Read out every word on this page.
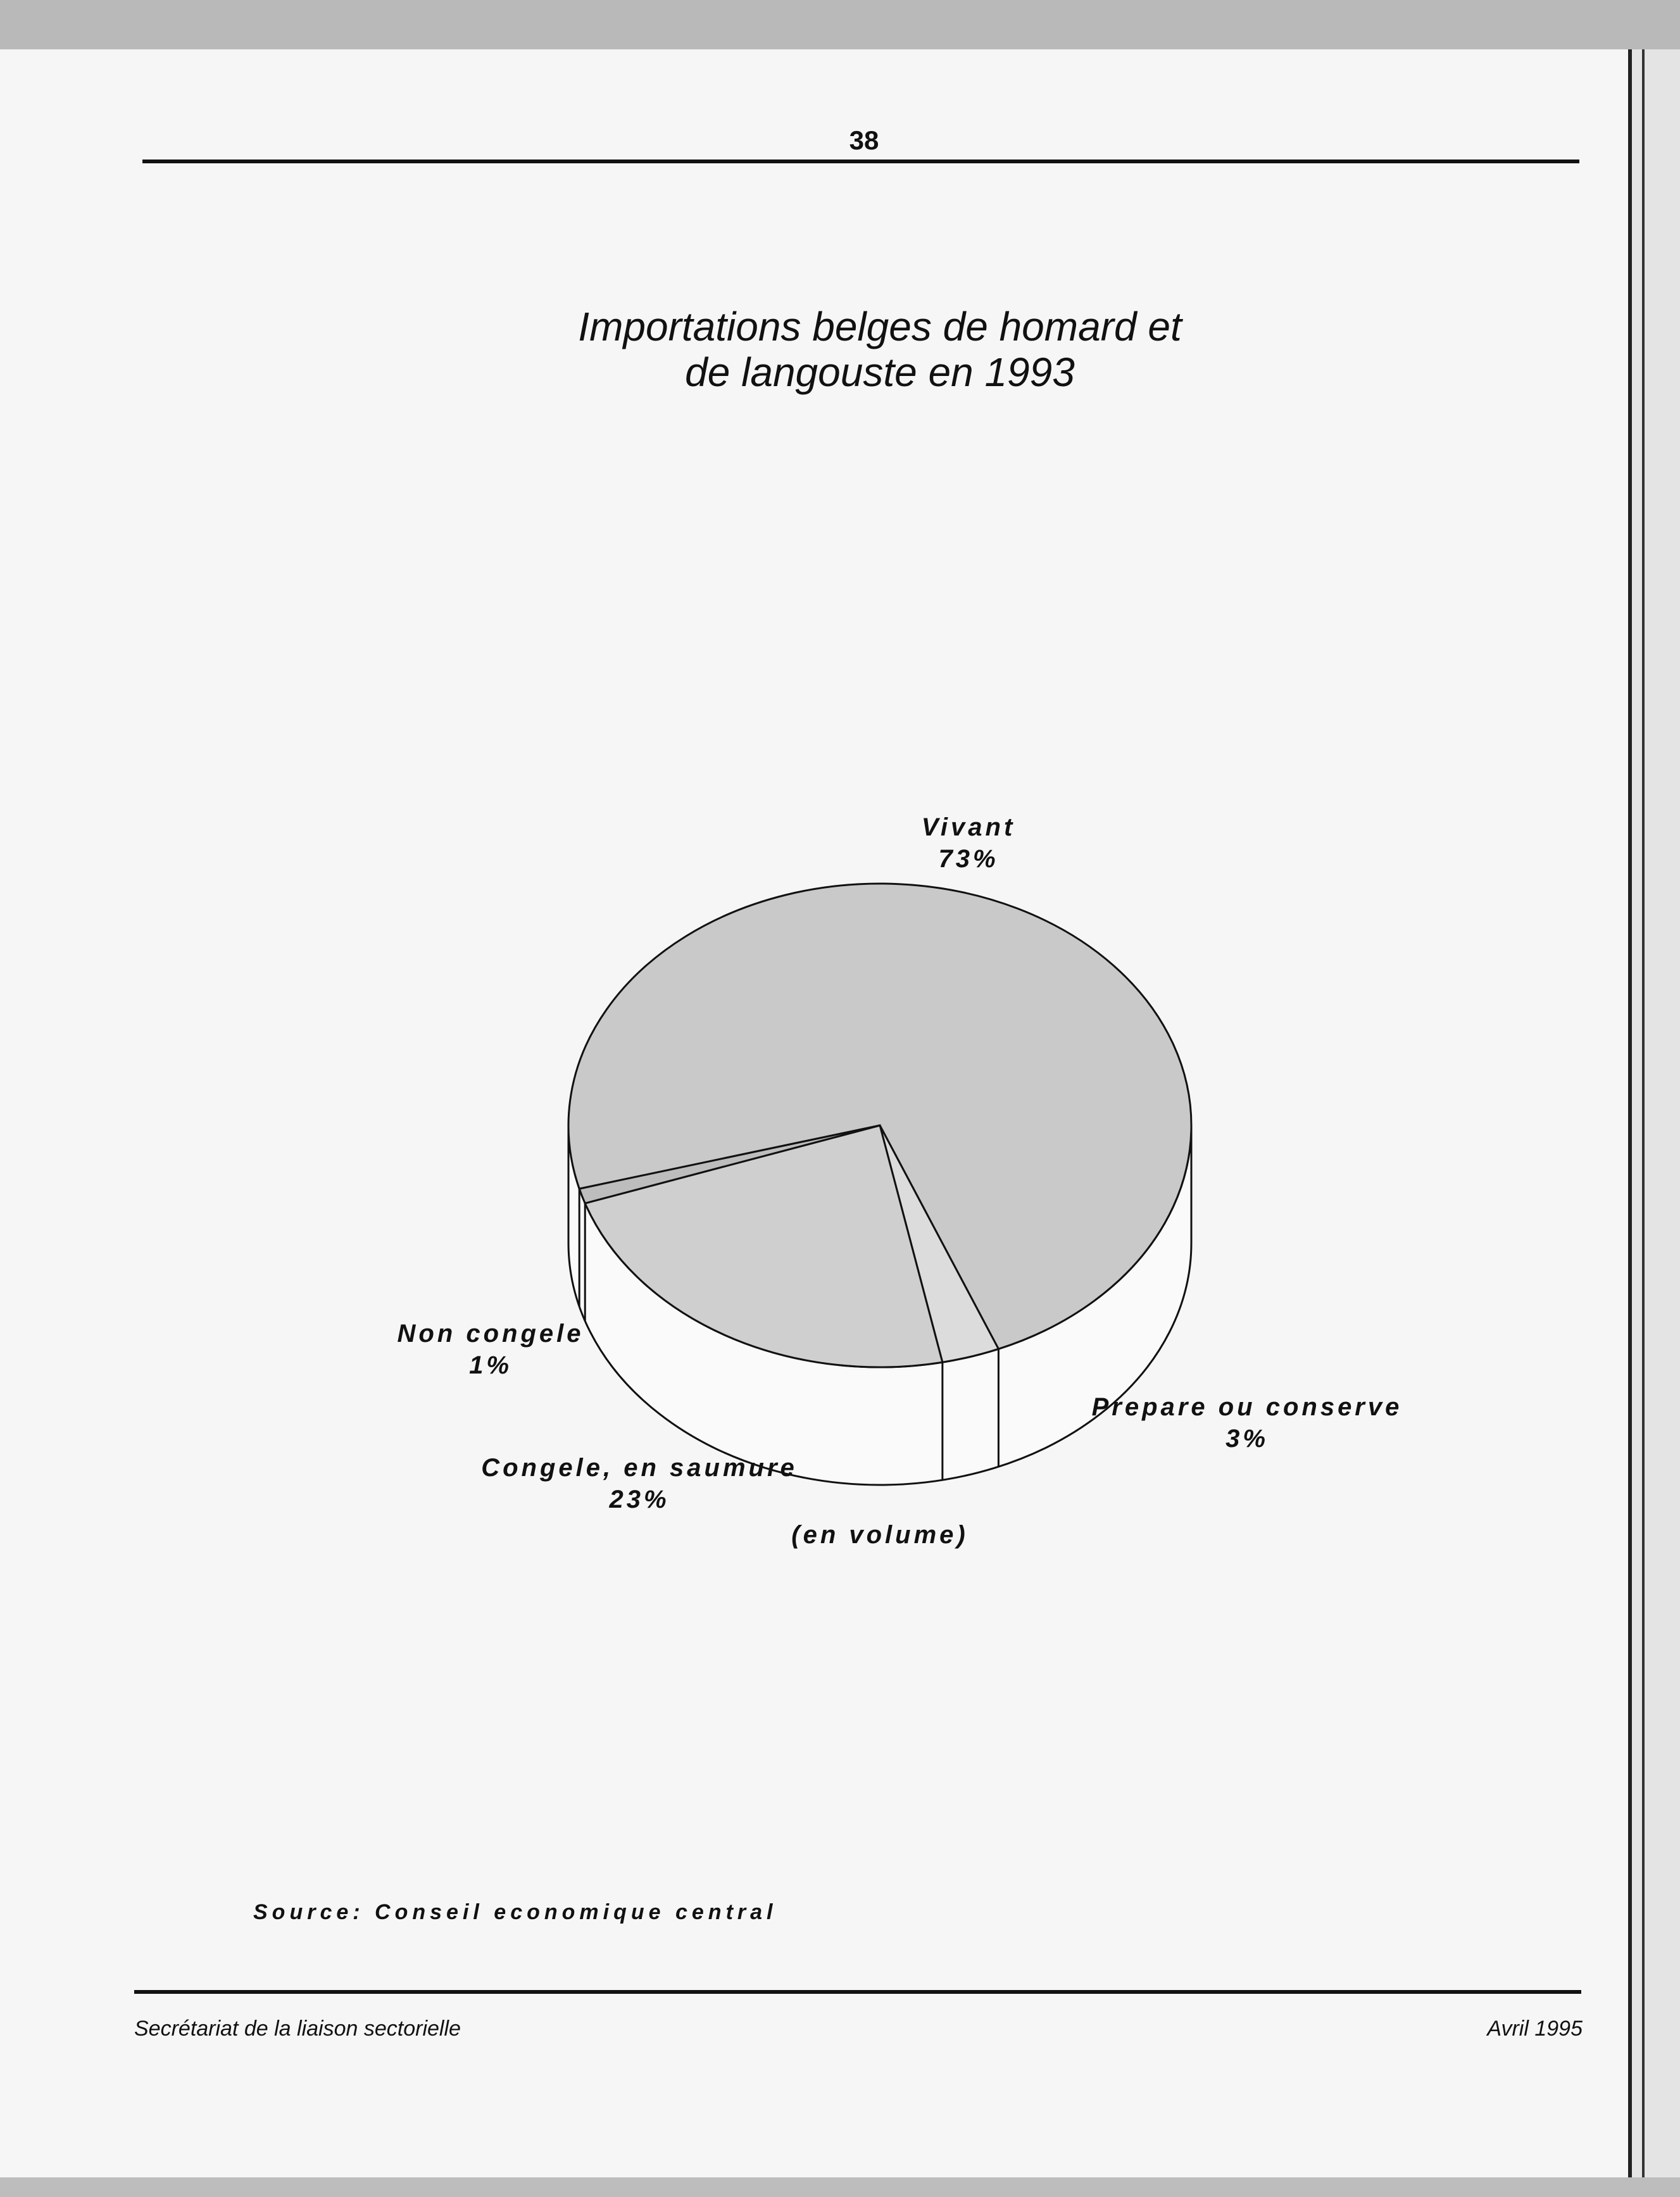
38
Importations belges de homard et
de langouste en 1993
Vivant
73%
Prepare ou conserve
3%
Congele, en saumure
23%
Non congele
1%
(en volume)
Source: Conseil economique central
Secrétariat de la liaison sectorielle	Avril 1995
